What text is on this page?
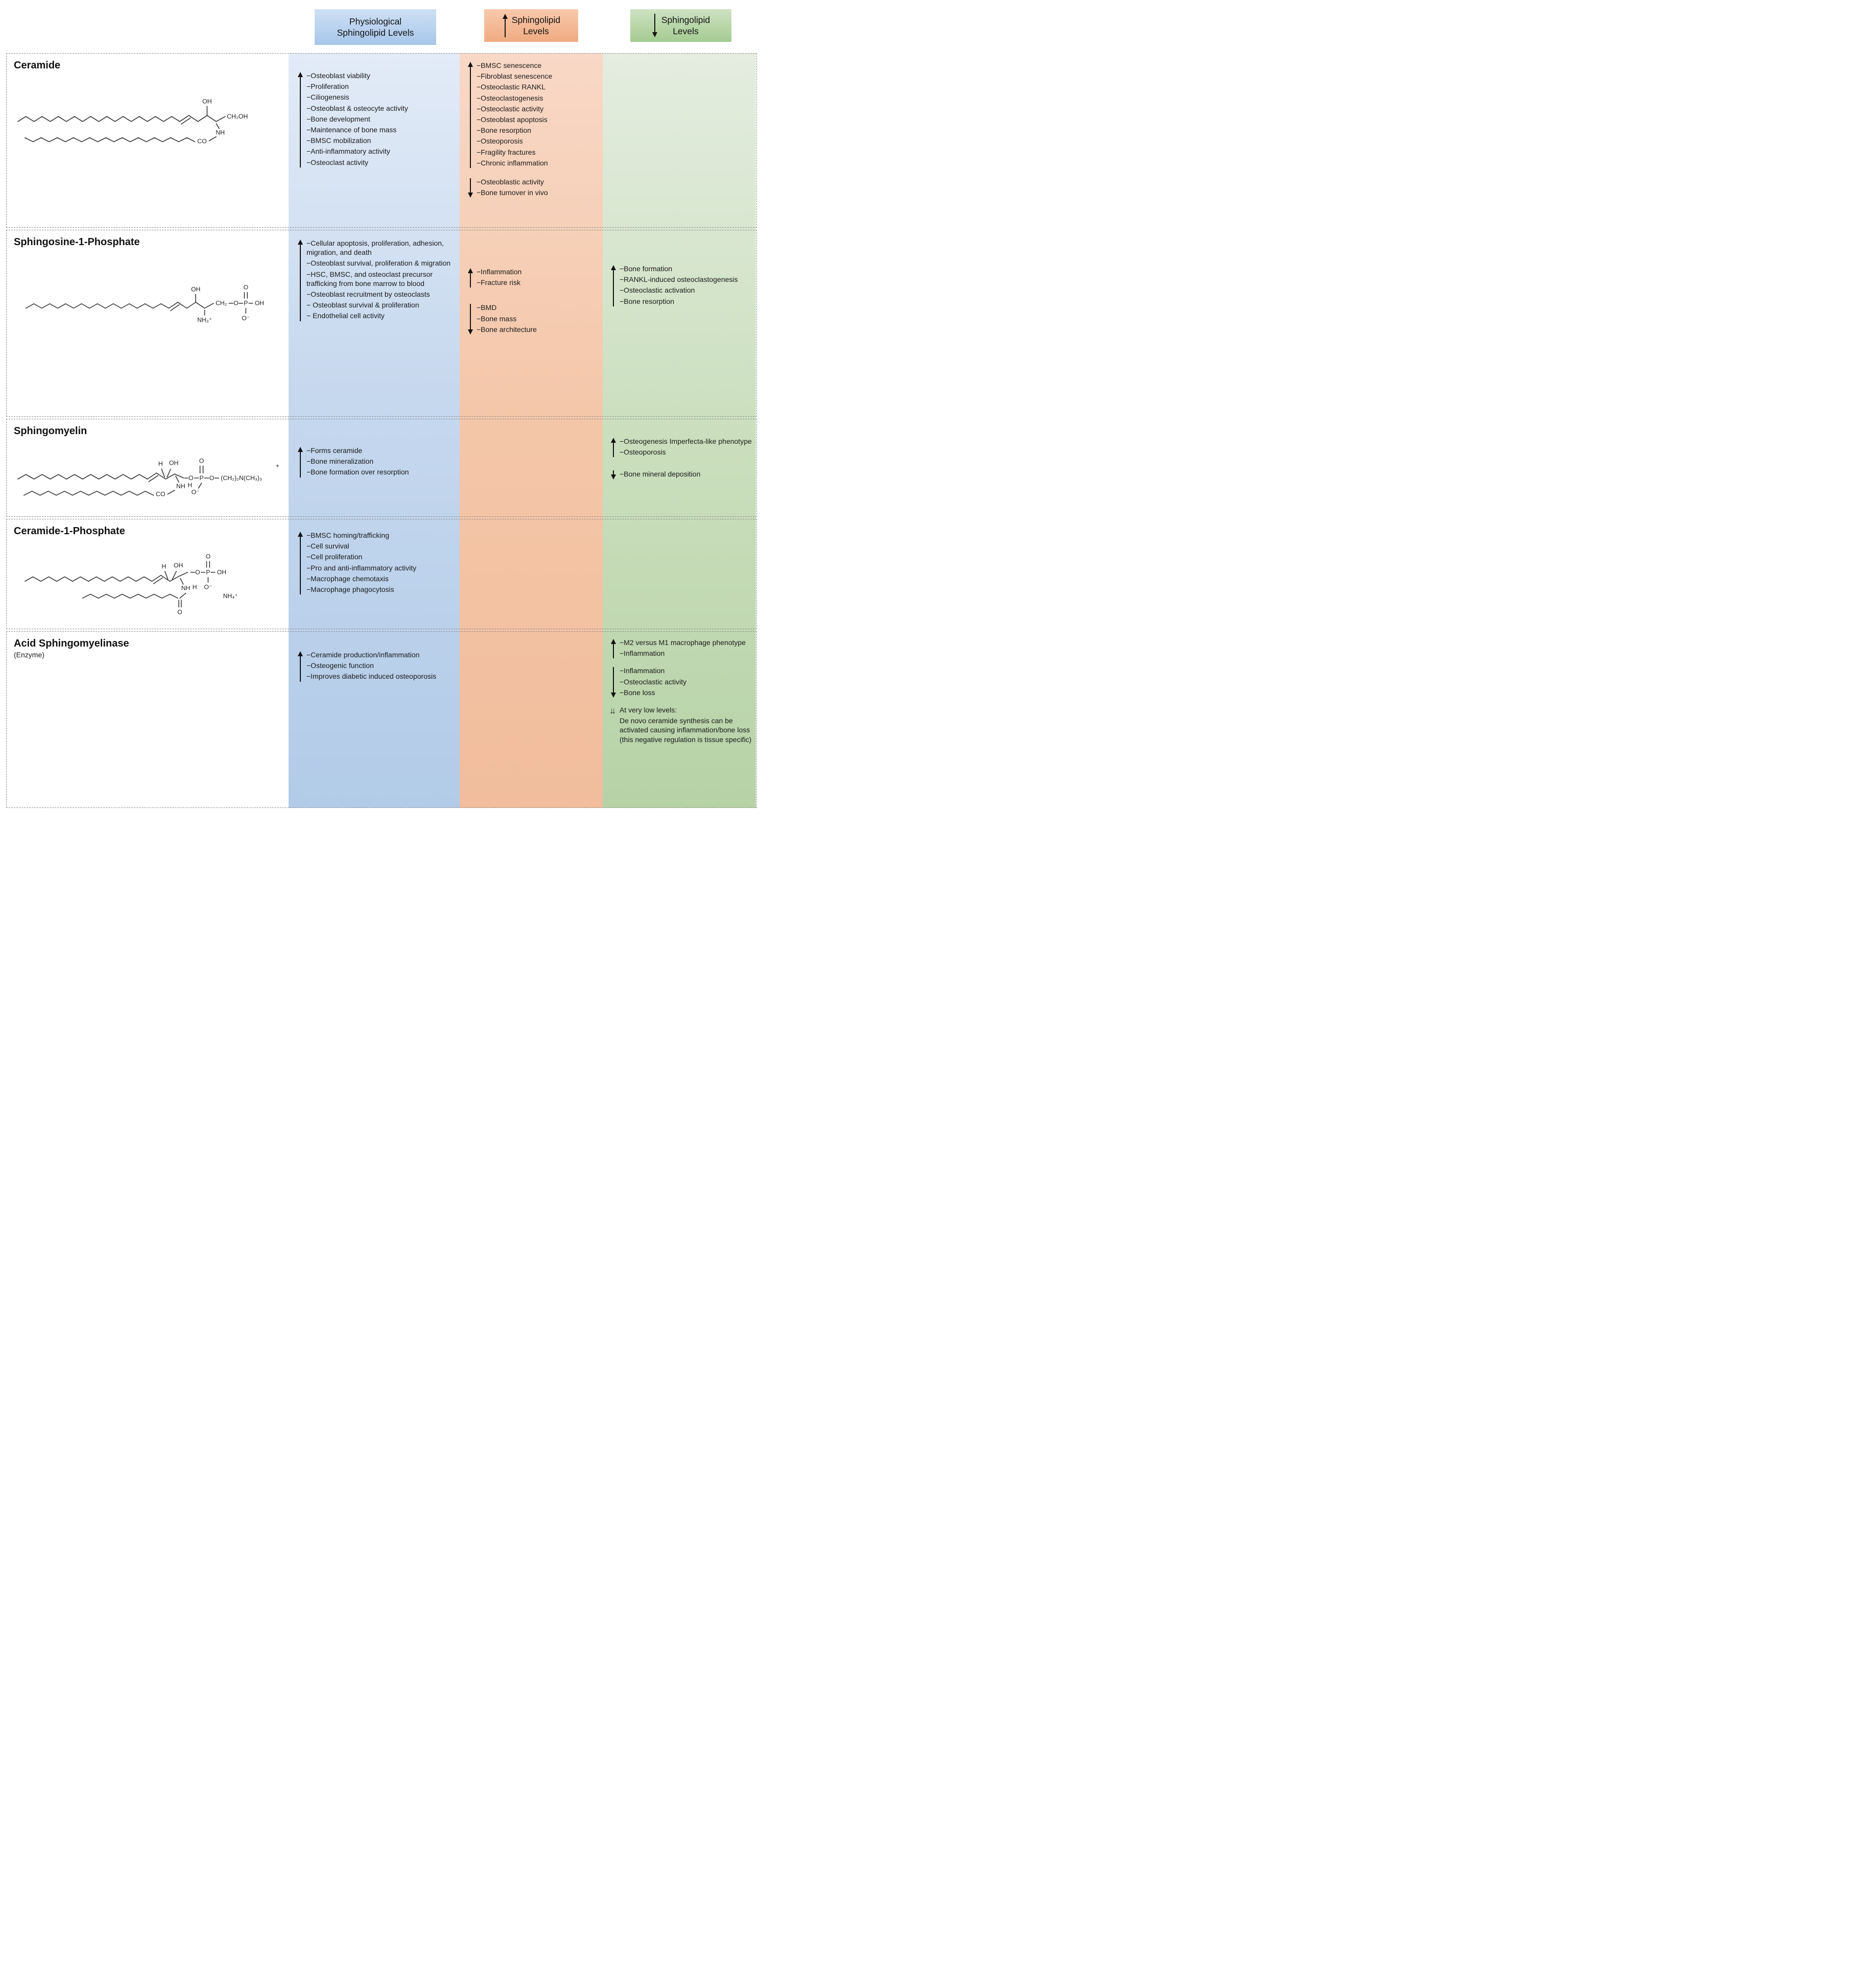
Physiological
Sphingolipid Levels
Sphingolipid
Levels
Sphingolipid
Levels
Ceramide
OH
CH₂OH
NH
CO
−Osteoblast viability
−Proliferation
−Ciliogenesis
−Osteoblast & osteocyte activity
−Bone development
−Maintenance of bone mass
−BMSC mobilization
−Anti-inflammatory activity
−Osteoclast activity
−BMSC senescence
−Fibroblast senescence
−Osteoclastic RANKL
−Osteoclastogenesis
−Osteoclastic activity
−Osteoblast apoptosis
−Bone resorption
−Osteoporosis
−Fragility fractures
−Chronic inflammation
−Osteoblastic activity
−Bone turnover in vivo
Sphingosine-1-Phosphate
OH
NH₃⁺
CH₂ O P OH
O
O⁻
−Cellular apoptosis, proliferation, adhesion, migration, and death
−Osteoblast survival, proliferation & migration
−HSC, BMSC, and osteoclast precursor trafficking from bone marrow to blood
−Osteoblast recruitment by osteoclasts
− Osteoblast survival & proliferation
− Endothelial cell activity
−Inflammation
−Fracture risk
−BMD
−Bone mass
−Bone architecture
−Bone formation
−RANKL-induced osteoclastogenesis
−Osteoclastic activation
−Bone resorption
Sphingomyelin
H OH
NH H
CO
O P
O
O⁻
O (CH₂)₂N(CH₃)₃
+
−Forms ceramide
−Bone mineralization
−Bone formation over resorption
−Osteogenesis Imperfecta-like phenotype
−Osteoporosis
−Bone mineral deposition
Ceramide-1-Phosphate
H OH
NH H
O P OH
O
O⁻
NH₄⁺
O
−BMSC homing/trafficking
−Cell survival
−Cell proliferation
−Pro and anti-inflammatory activity
−Macrophage chemotaxis
−Macrophage phagocytosis
Acid Sphingomyelinase
(Enzyme)	−Ceramide production/inflammation
−Osteogenic function
−Improves diabetic induced osteoporosis
−M2 versus M1 macrophage phenotype
−Inflammation
−Inflammation
−Osteoclastic activity
−Bone loss
↓↓ At very low levels:
De novo ceramide synthesis can be activated causing inflammation/bone loss (this negative regulation is tissue specific)
